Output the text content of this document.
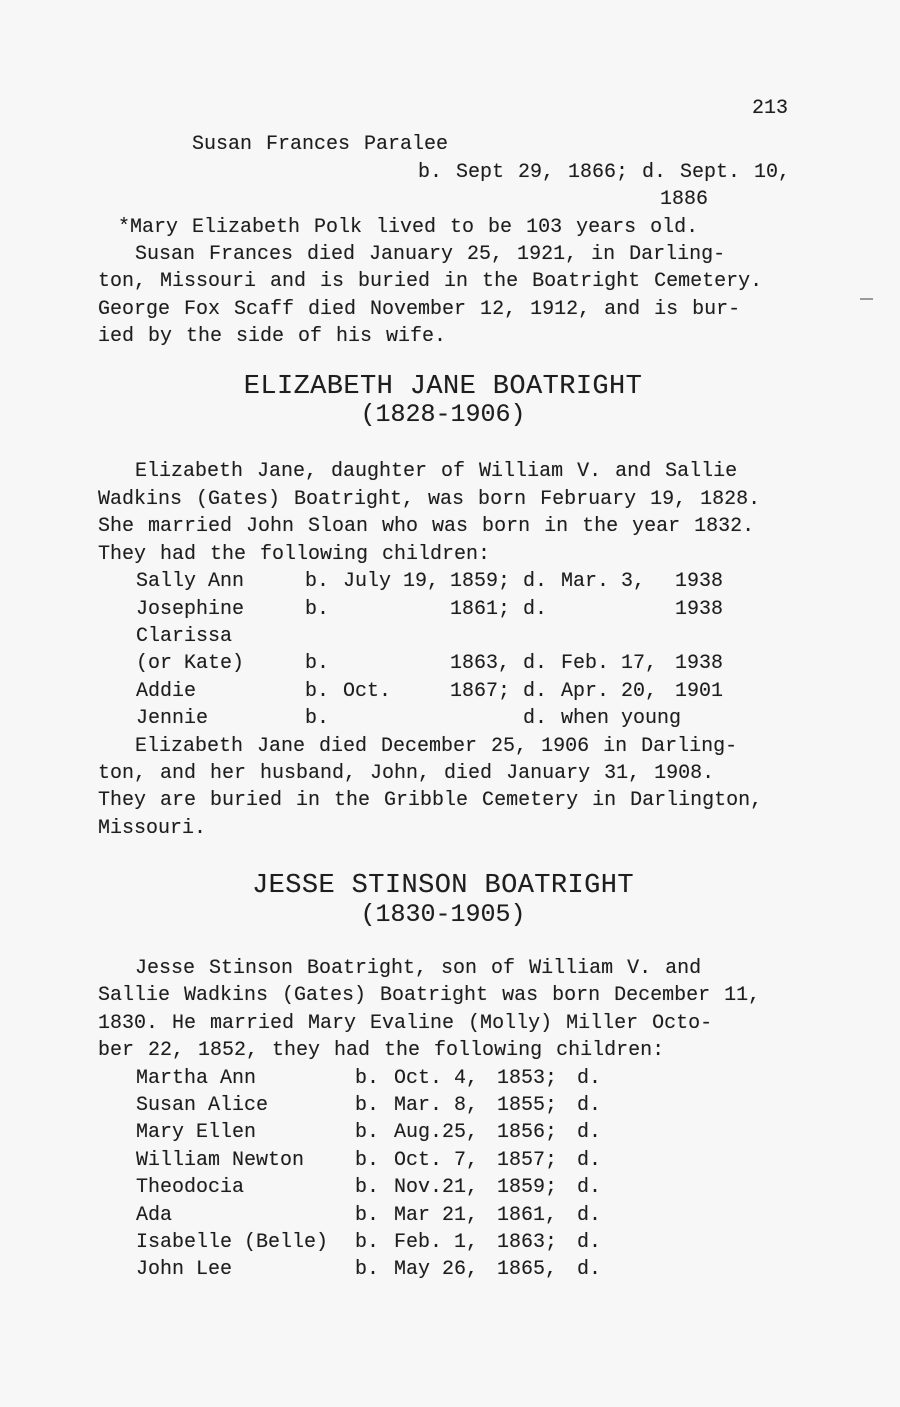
213
Susan Frances Paralee
b. Sept 29, 1866; d. Sept. 10,
1886
*Mary Elizabeth Polk lived to be 103 years old.
Susan Frances died January 25, 1921, in Darling-
ton, Missouri and is buried in the Boatright Cemetery.
George Fox Scaff died November 12, 1912, and is bur-
ied by the side of his wife.
ELIZABETH JANE BOATRIGHT
(1828-1906)
Elizabeth Jane, daughter of William V. and Sallie
Wadkins (Gates) Boatright, was born February 19, 1828.
She married John Sloan who was born in the year 1832.
They had the following children:
Sally Ann	b. July 19, 1859; d. Mar. 3,	1938
Josephine	b.	1861; d.	1938
Clarissa
(or Kate)	b.	1863, d. Feb. 17, 1938
Addie	b. Oct.	1867; d. Apr. 20, 1901
Jennie	b.	d. when young
Elizabeth Jane died December 25, 1906 in Darling-
ton, and her husband, John, died January 31, 1908.
They are buried in the Gribble Cemetery in Darlington,
Missouri.
JESSE STINSON BOATRIGHT
(1830-1905)
Jesse Stinson Boatright, son of William V. and
Sallie Wadkins (Gates) Boatright was born December 11,
1830. He married Mary Evaline (Molly) Miller Octo-
ber 22, 1852, they had the following children:
Martha Ann	b. Oct. 4, 1853; d.
Susan Alice	b. Mar. 8, 1855; d.
Mary Ellen	b. Aug.25, 1856; d.
William Newton	b. Oct. 7, 1857; d.
Theodocia	b. Nov.21, 1859; d.
Ada	b. Mar 21, 1861, d.
Isabelle (Belle)	b. Feb. 1, 1863; d.
John Lee	b. May 26, 1865, d.
